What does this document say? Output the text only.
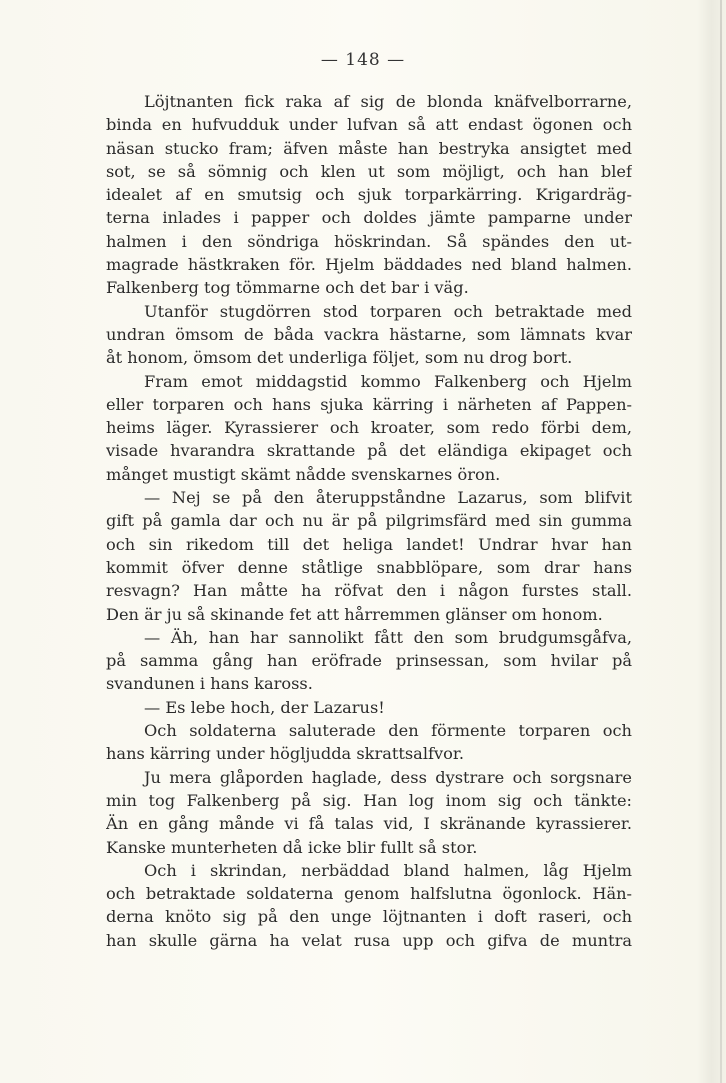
— 148 —
Löjtnanten fick raka af sig de blonda knäfvelborrarne,
binda en hufvudduk under lufvan så att endast ögonen och
näsan stucko fram; äfven måste han bestryka ansigtet med
sot, se så sömnig och klen ut som möjligt, och han blef
idealet af en smutsig och sjuk torparkärring. Krigardräg-
terna inlades i papper och doldes jämte pamparne under
halmen i den söndriga höskrindan. Så spändes den ut-
magrade hästkraken för. Hjelm bäddades ned bland halmen.
Falkenberg tog tömmarne och det bar i väg.
Utanför stugdörren stod torparen och betraktade med
undran ömsom de båda vackra hästarne, som lämnats kvar
åt honom, ömsom det underliga följet, som nu drog bort.
Fram emot middagstid kommo Falkenberg och Hjelm
eller torparen och hans sjuka kärring i närheten af Pappen-
heims läger. Kyrassierer och kroater, som redo förbi dem,
visade hvarandra skrattande på det eländiga ekipaget och
månget mustigt skämt nådde svenskarnes öron.
— Nej se på den återuppståndne Lazarus, som blifvit
gift på gamla dar och nu är på pilgrimsfärd med sin gumma
och sin rikedom till det heliga landet! Undrar hvar han
kommit öfver denne ståtlige snabblöpare, som drar hans
resvagn? Han måtte ha röfvat den i någon furstes stall.
Den är ju så skinande fet att hårremmen glänser om honom.
— Äh, han har sannolikt fått den som brudgumsgåfva,
på samma gång han eröfrade prinsessan, som hvilar på
svandunen i hans kaross.
— Es lebe hoch, der Lazarus!
Och soldaterna saluterade den förmente torparen och
hans kärring under högljudda skrattsalfvor.
Ju mera glåporden haglade, dess dystrare och sorgsnare
min tog Falkenberg på sig. Han log inom sig och tänkte:
Än en gång månde vi få talas vid, I skränande kyrassierer.
Kanske munterheten då icke blir fullt så stor.
Och i skrindan, nerbäddad bland halmen, låg Hjelm
och betraktade soldaterna genom halfslutna ögonlock. Hän-
derna knöto sig på den unge löjtnanten i doft raseri, och
han skulle gärna ha velat rusa upp och gifva de muntra
